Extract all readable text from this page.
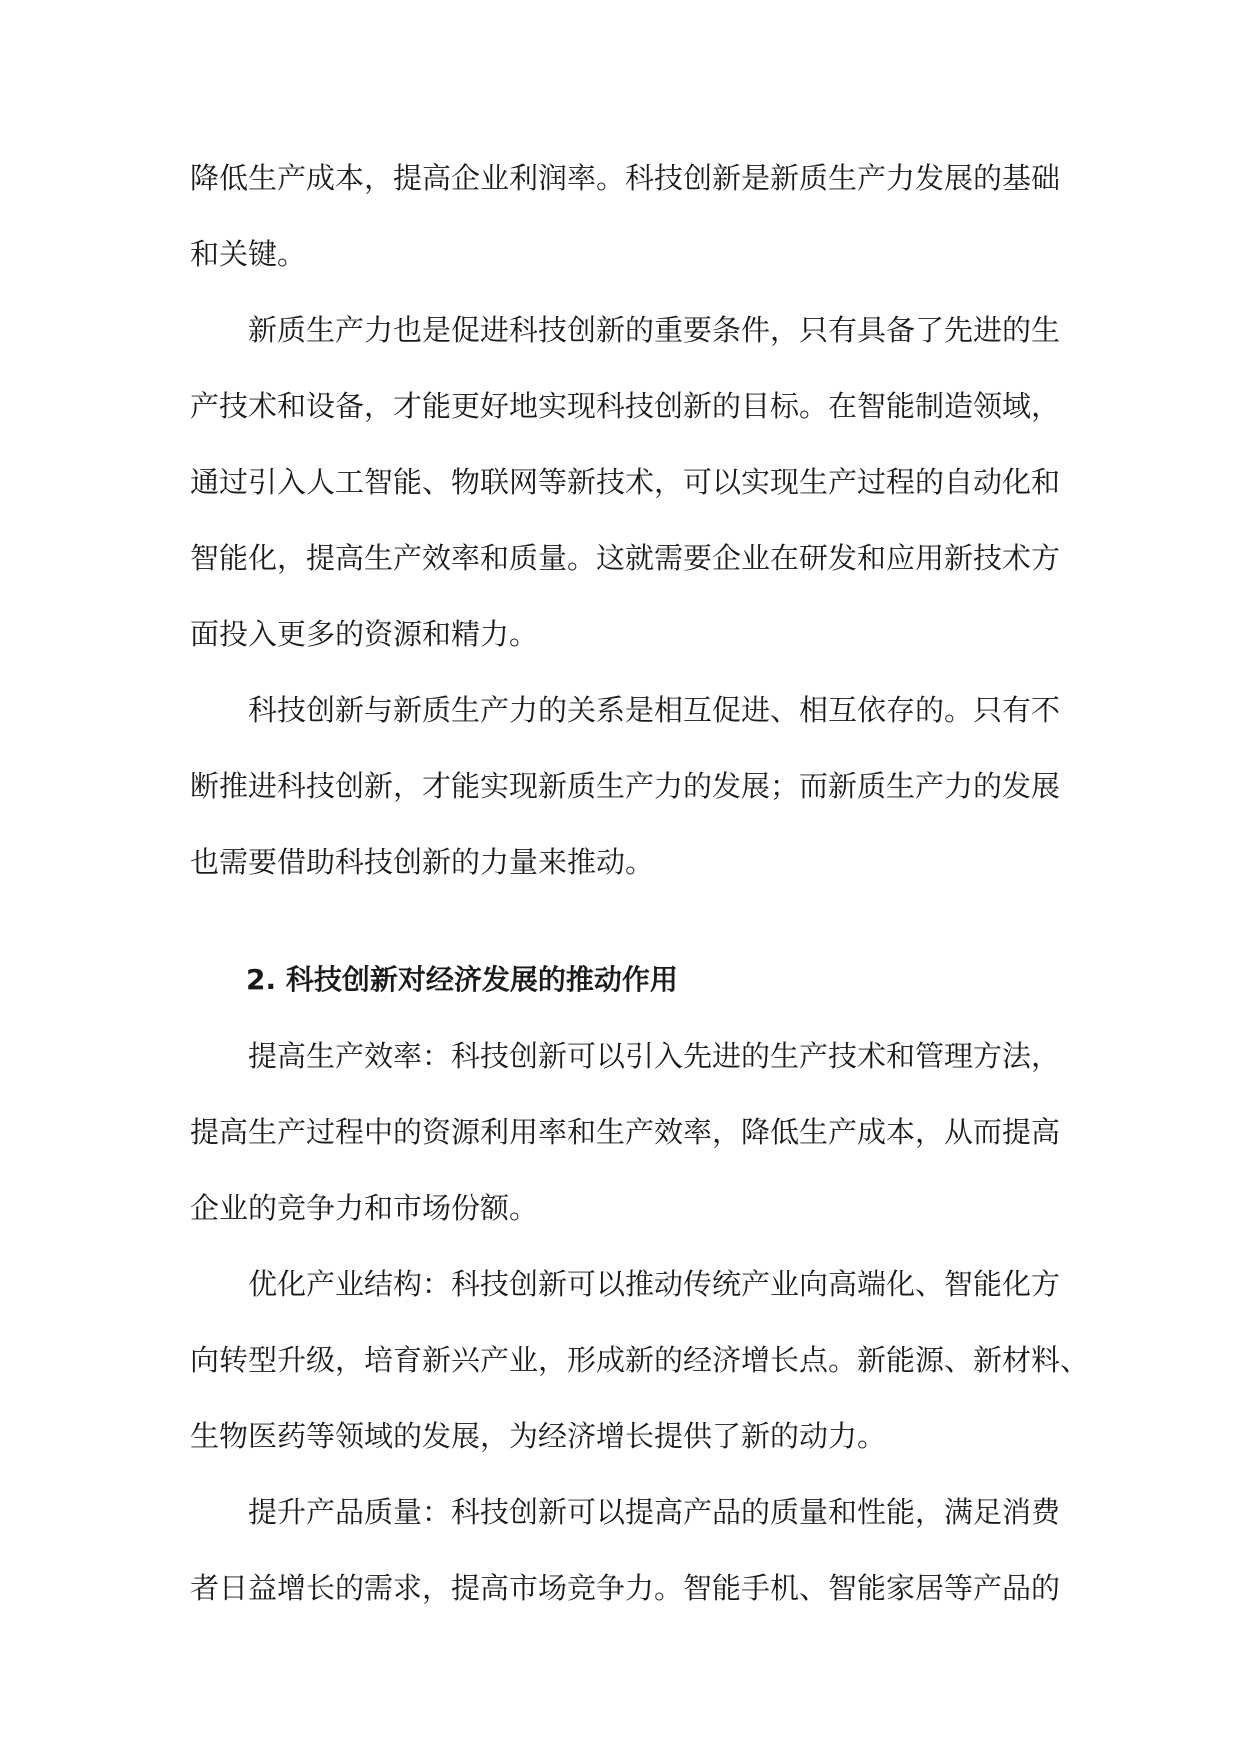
降低生产成本，提高企业利润率。科技创新是新质生产力发展的基础

和关键。

新质生产力也是促进科技创新的重要条件，只有具备了先进的生

产技术和设备，才能更好地实现科技创新的目标。在智能制造领域，

通过引入人工智能、物联网等新技术，可以实现生产过程的自动化和

智能化，提高生产效率和质量。这就需要企业在研发和应用新技术方

面投入更多的资源和精力。

科技创新与新质生产力的关系是相互促进、相互依存的。只有不

断推进科技创新，才能实现新质生产力的发展；而新质生产力的发展

也需要借助科技创新的力量来推动。

2. 科技创新对经济发展的推动作用

提高生产效率：科技创新可以引入先进的生产技术和管理方法，

提高生产过程中的资源利用率和生产效率，降低生产成本，从而提高

企业的竞争力和市场份额。

优化产业结构：科技创新可以推动传统产业向高端化、智能化方

向转型升级，培育新兴产业，形成新的经济增长点。新能源、新材料、

生物医药等领域的发展，为经济增长提供了新的动力。

提升产品质量：科技创新可以提高产品的质量和性能，满足消费

者日益增长的需求，提高市场竞争力。智能手机、智能家居等产品的
